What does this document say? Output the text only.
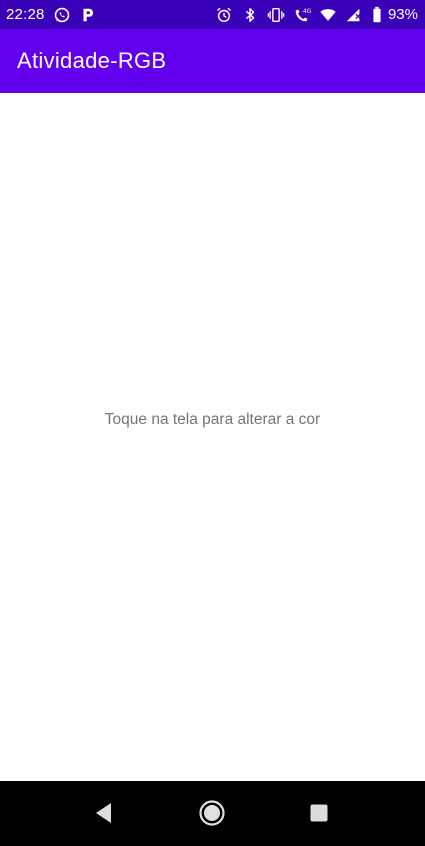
22:28	4G	93%
Atividade-RGB
Toque na tela para alterar a cor
